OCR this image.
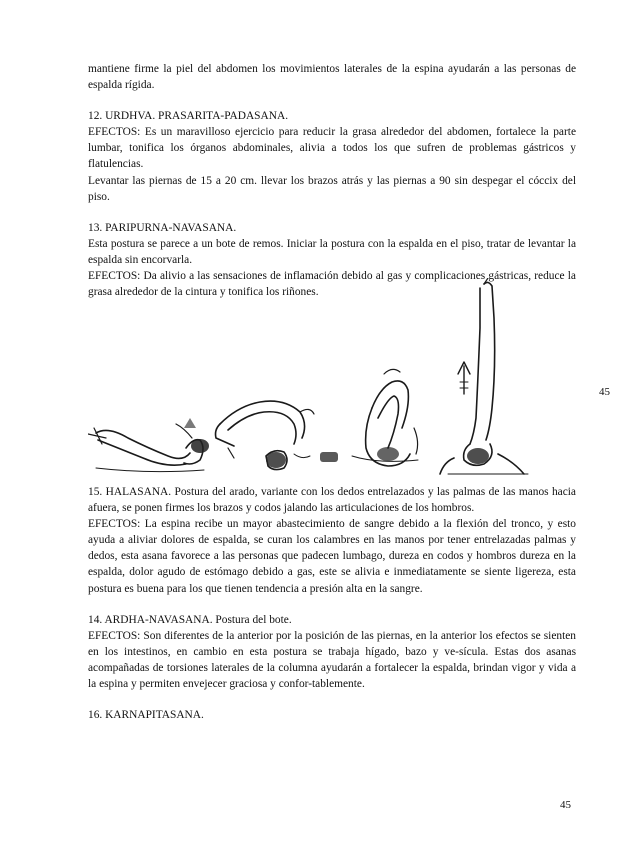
mantiene firme la piel del abdomen los movimientos laterales de la espina ayudarán a las personas de espalda rígida.

12. URDHVA. PRASARITA-PADASANA.

EFECTOS: Es un maravilloso ejercicio para reducir la grasa alrededor del abdomen, fortalece la parte lumbar, tonifica los órganos abdominales, alivia a todos los que sufren de problemas gástricos y flatulencias.

Levantar las piernas de 15 a 20 cm. llevar los brazos atrás y las piernas a 90 sin despegar el cóccix del piso.

13. PARIPURNA-NAVASANA.

Esta postura se parece a un bote de remos. Iniciar la postura con la espalda en el piso, tratar de levantar la espalda sin encorvarla.

EFECTOS: Da alivio a las sensaciones de inflamación debido al gas y complicaciones gástricas, reduce la grasa alrededor de la cintura y tonifica los riñones.

45

15. HALASANA. Postura del arado, variante con los dedos entrelazados y las palmas de las manos hacia afuera, se ponen firmes los brazos y codos jalando las articulaciones de los hombros.

EFECTOS: La espina recibe un mayor abastecimiento de sangre debido a la flexión del tronco, y esto ayuda a aliviar dolores de espalda, se curan los calambres en las manos por tener entrelazadas palmas y dedos, esta asana favorece a las personas que padecen lumbago, dureza en codos y hombros dureza en la espalda, dolor agudo de estómago debido a gas, este se alivia e inmediatamente se siente ligereza, esta postura es buena para los que tienen tendencia a presión alta en la sangre.

14. ARDHA-NAVASANA. Postura del bote.

EFECTOS: Son diferentes de la anterior por la posición de las piernas, en la anterior los efectos se sienten en los intestinos, en cambio en esta postura se trabaja hígado, bazo y ve-sícula. Estas dos asanas acompañadas de torsiones laterales de la columna ayudarán a fortalecer la espalda, brindan vigor y vida a la espina y permiten envejecer graciosa y confor-tablemente.

16. KARNAPITASANA.

45
